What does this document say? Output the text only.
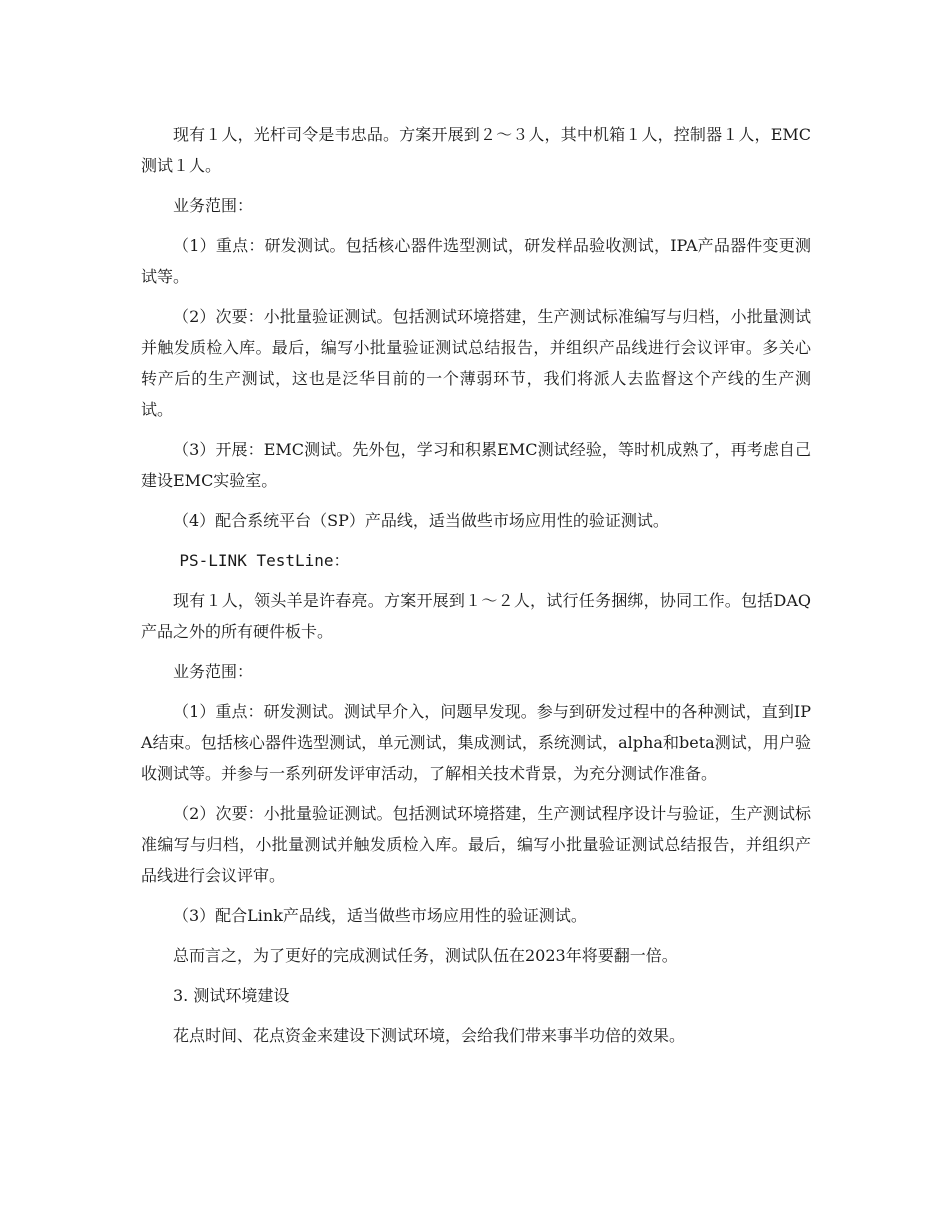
现有１人，光杆司令是韦忠品。方案开展到２～３人，其中机箱１人，控制器１人，EMC测试１人。

业务范围：

（1）重点：研发测试。包括核心器件选型测试，研发样品验收测试，IPA产品器件变更测试等。

（2）次要：小批量验证测试。包括测试环境搭建，生产测试标准编写与归档，小批量测试并触发质检入库。最后，编写小批量验证测试总结报告，并组织产品线进行会议评审。多关心转产后的生产测试，这也是泛华目前的一个薄弱环节，我们将派人去监督这个产线的生产测试。

（3）开展：EMC测试。先外包，学习和积累EMC测试经验，等时机成熟了，再考虑自己建设EMC实验室。

（4）配合系统平台（SP）产品线，适当做些市场应用性的验证测试。

PS-LINK TestLine：

现有１人，领头羊是许春亮。方案开展到１～２人，试行任务捆绑，协同工作。包括DAQ产品之外的所有硬件板卡。

业务范围：

（1）重点：研发测试。测试早介入，问题早发现。参与到研发过程中的各种测试，直到IPA结束。包括核心器件选型测试，单元测试，集成测试，系统测试，alpha和beta测试，用户验收测试等。并参与一系列研发评审活动，了解相关技术背景，为充分测试作准备。

（2）次要：小批量验证测试。包括测试环境搭建，生产测试程序设计与验证，生产测试标准编写与归档，小批量测试并触发质检入库。最后，编写小批量验证测试总结报告，并组织产品线进行会议评审。

（3）配合Link产品线，适当做些市场应用性的验证测试。

总而言之，为了更好的完成测试任务，测试队伍在2023年将要翻一倍。

3. 测试环境建设

花点时间、花点资金来建设下测试环境，会给我们带来事半功倍的效果。
